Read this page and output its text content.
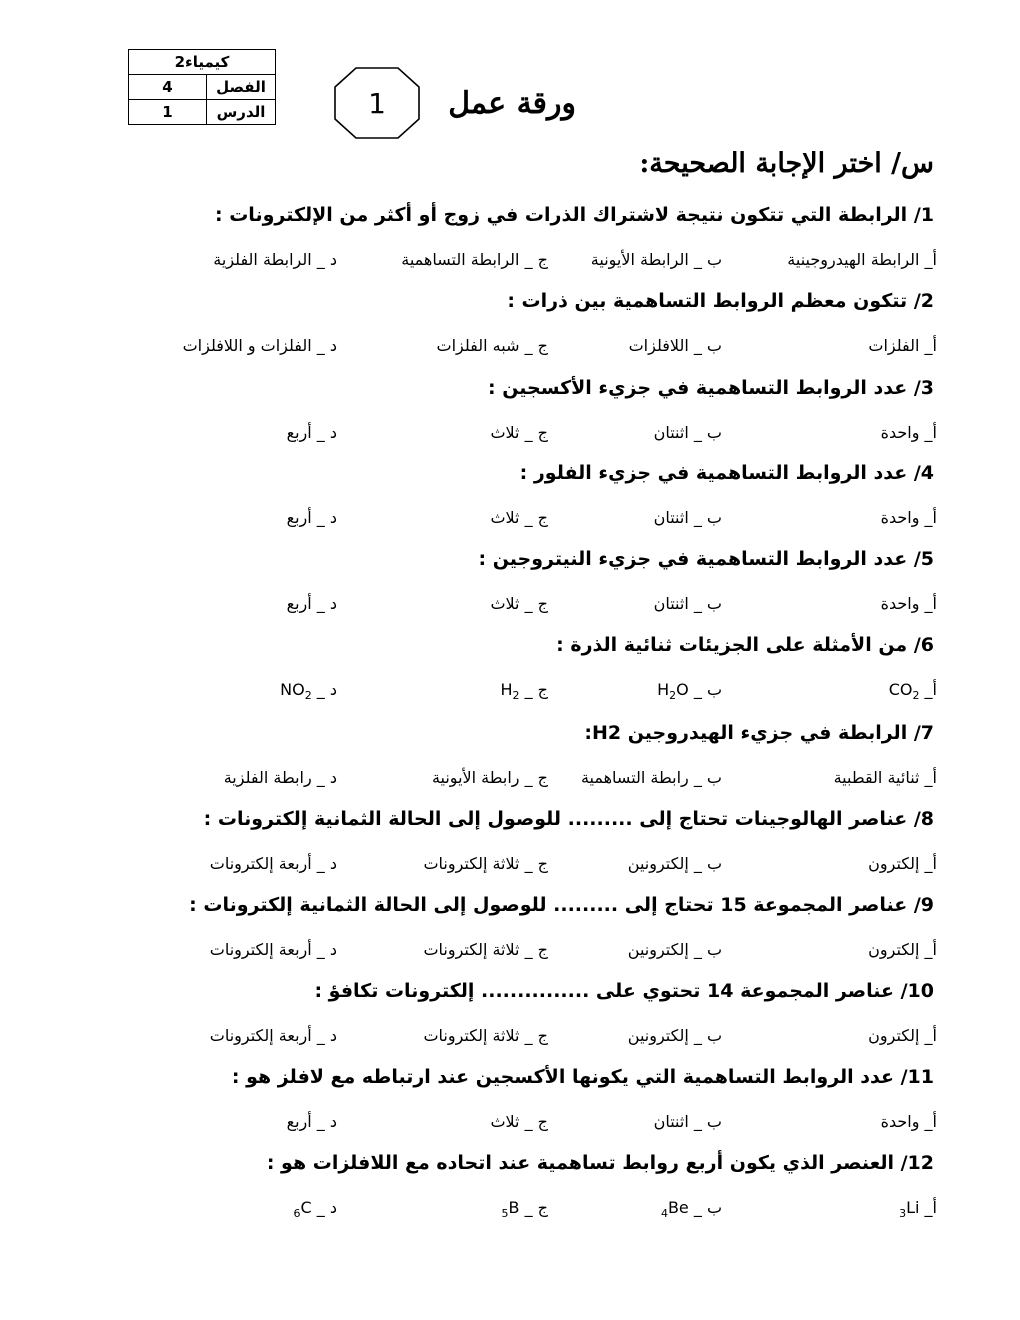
كيمياء2	
الفصل	4
الدرس	1	1	ورقة عمل
س/ اختر الإجابة الصحيحة:
1/ الرابطة التي تتكون نتيجة لاشتراك الذرات في زوج أو أكثر من الإلكترونات :
أ_ الرابطة الهيدروجينية
ب _ الرابطة الأيونية
ج _ الرابطة التساهمية
د _ الرابطة الفلزية
2/ تتكون معظم الروابط التساهمية بين ذرات :
أ_ الفلزات
ب _ اللافلزات
ج _ شبه الفلزات
د _ الفلزات و اللافلزات
3/ عدد الروابط التساهمية في جزيء الأكسجين :
أ_ واحدة
ب _ اثنتان
ج _ ثلاث
د _ أربع
4/ عدد الروابط التساهمية في جزيء الفلور :
أ_ واحدة
ب _ اثنتان
ج _ ثلاث
د _ أربع
5/ عدد الروابط التساهمية في جزيء النيتروجين :
أ_ واحدة
ب _ اثنتان
ج _ ثلاث
د _ أربع
6/ من الأمثلة على الجزيئات ثنائية الذرة :
أ_ $CO_2$
ب _ $H_2O$
ج _ $H_2$
د _ $NO_2$
7/ الرابطة في جزيء الهيدروجين H2:
أ_ ثنائية القطبية
ب _ رابطة التساهمية
ج _ رابطة الأيونية
د _ رابطة الفلزية
8/ عناصر الهالوجينات تحتاج إلى ......... للوصول إلى الحالة الثمانية إلكترونات :
أ_ إلكترون
ب _ إلكترونين
ج _ ثلاثة إلكترونات
د _ أربعة إلكترونات
9/ عناصر المجموعة 15 تحتاج إلى ......... للوصول إلى الحالة الثمانية إلكترونات :
أ_ إلكترون
ب _ إلكترونين
ج _ ثلاثة إلكترونات
د _ أربعة إلكترونات
10/ عناصر المجموعة 14 تحتوي على ............... إلكترونات تكافؤ :
أ_ إلكترون
ب _ إلكترونين
ج _ ثلاثة إلكترونات
د _ أربعة إلكترونات
11/ عدد الروابط التساهمية التي يكونها الأكسجين عند ارتباطه مع لافلز هو :
أ_ واحدة
ب _ اثنتان
ج _ ثلاث
د _ أربع
12/ العنصر الذي يكون أربع روابط تساهمية عند اتحاده مع اللافلزات هو :
أ_ $_3$Li
ب _ $_4$Be
ج _ $_5$B
د _ $_6$C
